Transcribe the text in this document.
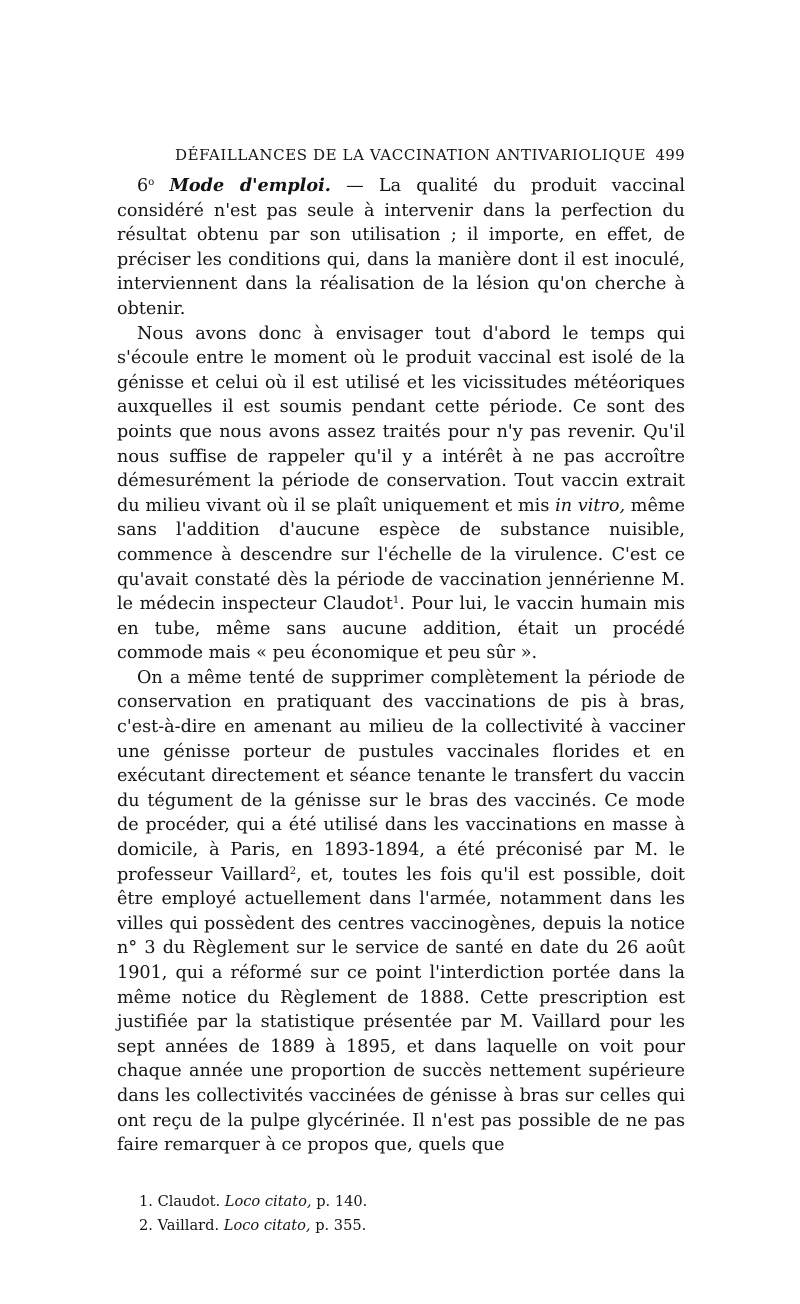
DÉFAILLANCES DE LA VACCINATION ANTIVARIOLIQUE 499

6$^o$ Mode d'emploi. — La qualité du produit vaccinal considéré n'est pas seule à intervenir dans la perfection du résultat obtenu par son utilisation ; il importe, en effet, de préciser les conditions qui, dans la manière dont il est inoculé, interviennent dans la réalisation de la lésion qu'on cherche à obtenir.

Nous avons donc à envisager tout d'abord le temps qui s'écoule entre le moment où le produit vaccinal est isolé de la génisse et celui où il est utilisé et les vicissitudes météoriques auxquelles il est soumis pendant cette période. Ce sont des points que nous avons assez traités pour n'y pas revenir. Qu'il nous suffise de rappeler qu'il y a intérêt à ne pas accroître démesurément la période de conservation. Tout vaccin extrait du milieu vivant où il se plaît uniquement et mis in vitro, même sans l'addition d'aucune espèce de substance nuisible, commence à descendre sur l'échelle de la virulence. C'est ce qu'avait constaté dès la période de vaccination jennérienne M. le médecin inspecteur Claudot$^1$. Pour lui, le vaccin humain mis en tube, même sans aucune addition, était un procédé commode mais « peu économique et peu sûr ».

On a même tenté de supprimer complètement la période de conservation en pratiquant des vaccinations de pis à bras, c'est-à-dire en amenant au milieu de la collectivité à vacciner une génisse porteur de pustules vaccinales florides et en exécutant directement et séance tenante le transfert du vaccin du tégument de la génisse sur le bras des vaccinés. Ce mode de procéder, qui a été utilisé dans les vaccinations en masse à domicile, à Paris, en 1893-1894, a été préconisé par M. le professeur Vaillard$^2$, et, toutes les fois qu'il est possible, doit être employé actuellement dans l'armée, notamment dans les villes qui possèdent des centres vaccinogènes, depuis la notice n° 3 du Règlement sur le service de santé en date du 26 août 1901, qui a réformé sur ce point l'interdiction portée dans la même notice du Règlement de 1888. Cette prescription est justifiée par la statistique présentée par M. Vaillard pour les sept années de 1889 à 1895, et dans laquelle on voit pour chaque année une proportion de succès nettement supérieure dans les collectivités vaccinées de génisse à bras sur celles qui ont reçu de la pulpe glycérinée. Il n'est pas possible de ne pas faire remarquer à ce propos que, quels que

1. Claudot. Loco citato, p. 140.
2. Vaillard. Loco citato, p. 355.
